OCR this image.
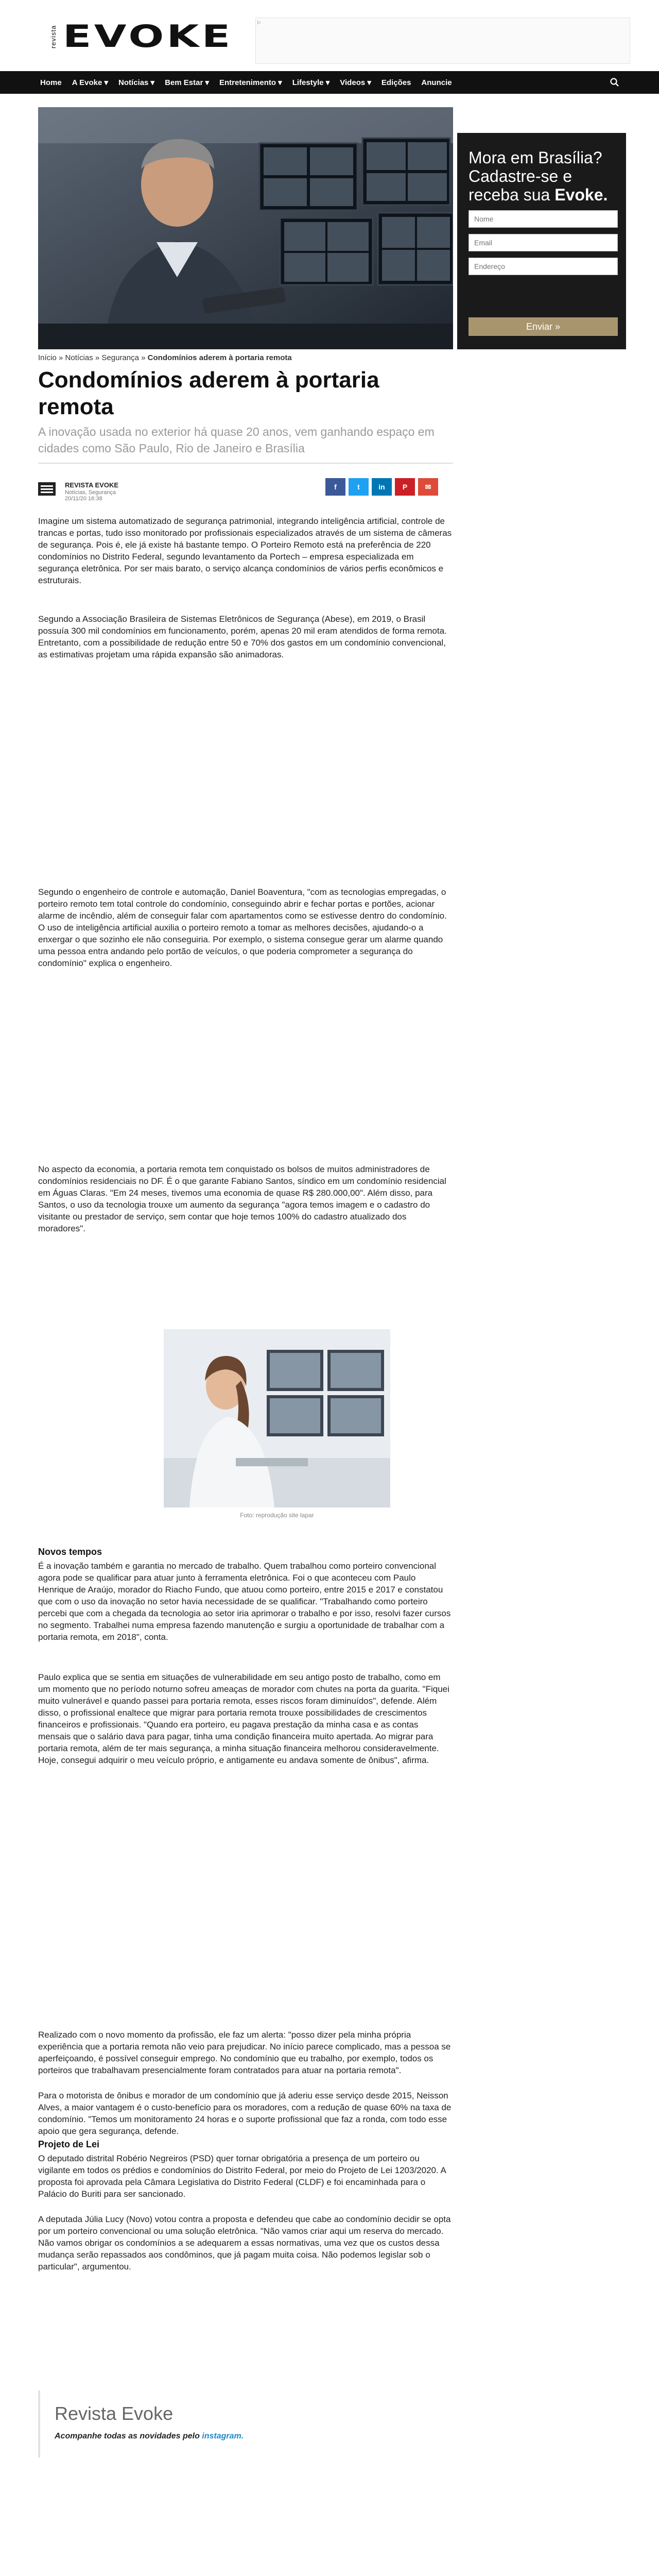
revista EVOKE	▷
Home	A Evoke ▾	Notícias ▾	Bem Estar ▾	Entretenimento ▾	Lifestyle ▾	Videos ▾	Edições	Anuncie
Mora em Brasília? Cadastre-se e receba sua Evoke.
Nome
Email
Endereço
Enviar »
Início » Notícias » Segurança » Condomínios aderem à portaria remota
Condomínios aderem à portaria remota
A inovação usada no exterior há quase 20 anos, vem ganhando espaço em cidades como São Paulo, Rio de Janeiro e Brasília
REVISTA EVOKE
Notícias, Segurança
20/11/20 16:38
f	t	in	P	✉

Imagine um sistema automatizado de segurança patrimonial, integrando inteligência artificial, controle de trancas e portas, tudo isso monitorado por profissionais especializados através de um sistema de câmeras de segurança. Pois é, ele já existe há bastante tempo. O Porteiro Remoto está na preferência de 220 condomínios no Distrito Federal, segundo levantamento da Portech – empresa especializada em segurança eletrônica. Por ser mais barato, o serviço alcança condomínios de vários perfis econômicos e estruturais.

Segundo a Associação Brasileira de Sistemas Eletrônicos de Segurança (Abese), em 2019, o Brasil possuía 300 mil condomínios em funcionamento, porém, apenas 20 mil eram atendidos de forma remota. Entretanto, com a possibilidade de redução entre 50 e 70% dos gastos em um condomínio convencional, as estimativas projetam uma rápida expansão são animadoras.

Segundo o engenheiro de controle e automação, Daniel Boaventura, "com as tecnologias empregadas, o porteiro remoto tem total controle do condomínio, conseguindo abrir e fechar portas e portões, acionar alarme de incêndio, além de conseguir falar com apartamentos como se estivesse dentro do condomínio. O uso de inteligência artificial auxilia o porteiro remoto a tomar as melhores decisões, ajudando-o a enxergar o que sozinho ele não conseguiria. Por exemplo, o sistema consegue gerar um alarme quando uma pessoa entra andando pelo portão de veículos, o que poderia comprometer a segurança do condomínio" explica o engenheiro.

No aspecto da economia, a portaria remota tem conquistado os bolsos de muitos administradores de condomínios residenciais no DF. É o que garante Fabiano Santos, síndico em um condomínio residencial em Águas Claras. "Em 24 meses, tivemos uma economia de quase R$ 280.000,00". Além disso, para Santos, o uso da tecnologia trouxe um aumento da segurança "agora temos imagem e o cadastro do visitante ou prestador de serviço, sem contar que hoje temos 100% do cadastro atualizado dos moradores".

Foto: reprodução site lapar
Novos tempos

É a inovação também e garantia no mercado de trabalho. Quem trabalhou como porteiro convencional agora pode se qualificar para atuar junto à ferramenta eletrônica. Foi o que aconteceu com Paulo Henrique de Araújo, morador do Riacho Fundo, que atuou como porteiro, entre 2015 e 2017 e constatou que com o uso da inovação no setor havia necessidade de se qualificar. "Trabalhando como porteiro percebi que com a chegada da tecnologia ao setor iria aprimorar o trabalho e por isso, resolvi fazer cursos no segmento. Trabalhei numa empresa fazendo manutenção e surgiu a oportunidade de trabalhar com a portaria remota, em 2018", conta.

Paulo explica que se sentia em situações de vulnerabilidade em seu antigo posto de trabalho, como em um momento que no período noturno sofreu ameaças de morador com chutes na porta da guarita. "Fiquei muito vulnerável e quando passei para portaria remota, esses riscos foram diminuídos", defende. Além disso, o profissional enaltece que migrar para portaria remota trouxe possibilidades de crescimentos financeiros e profissionais. "Quando era porteiro, eu pagava prestação da minha casa e as contas mensais que o salário dava para pagar, tinha uma condição financeira muito apertada. Ao migrar para portaria remota, além de ter mais segurança, a minha situação financeira melhorou consideravelmente. Hoje, consegui adquirir o meu veículo próprio, e antigamente eu andava somente de ônibus", afirma.

Realizado com o novo momento da profissão, ele faz um alerta: "posso dizer pela minha própria experiência que a portaria remota não veio para prejudicar. No início parece complicado, mas a pessoa se aperfeiçoando, é possível conseguir emprego. No condomínio que eu trabalho, por exemplo, todos os porteiros que trabalhavam presencialmente foram contratados para atuar na portaria remota".

Para o motorista de ônibus e morador de um condomínio que já aderiu esse serviço desde 2015, Neisson Alves, a maior vantagem é o custo-benefício para os moradores, com a redução de quase 60% na taxa de condomínio. "Temos um monitoramento 24 horas e o suporte profissional que faz a ronda, com todo esse apoio que gera segurança, defende.

Projeto de Lei

O deputado distrital Robério Negreiros (PSD) quer tornar obrigatória a presença de um porteiro ou vigilante em todos os prédios e condomínios do Distrito Federal, por meio do Projeto de Lei 1203/2020. A proposta foi aprovada pela Câmara Legislativa do Distrito Federal (CLDF) e foi encaminhada para o Palácio do Buriti para ser sancionado.

A deputada Júlia Lucy (Novo) votou contra a proposta e defendeu que cabe ao condomínio decidir se opta por um porteiro convencional ou uma solução eletrônica. "Não vamos criar aqui um reserva do mercado. Não vamos obrigar os condomínios a se adequarem a essas normativas, uma vez que os custos dessa mudança serão repassados aos condôminos, que já pagam muita coisa. Não podemos legislar sob o particular", argumentou.

Revista Evoke
Acompanhe todas as novidades pelo instagram.
